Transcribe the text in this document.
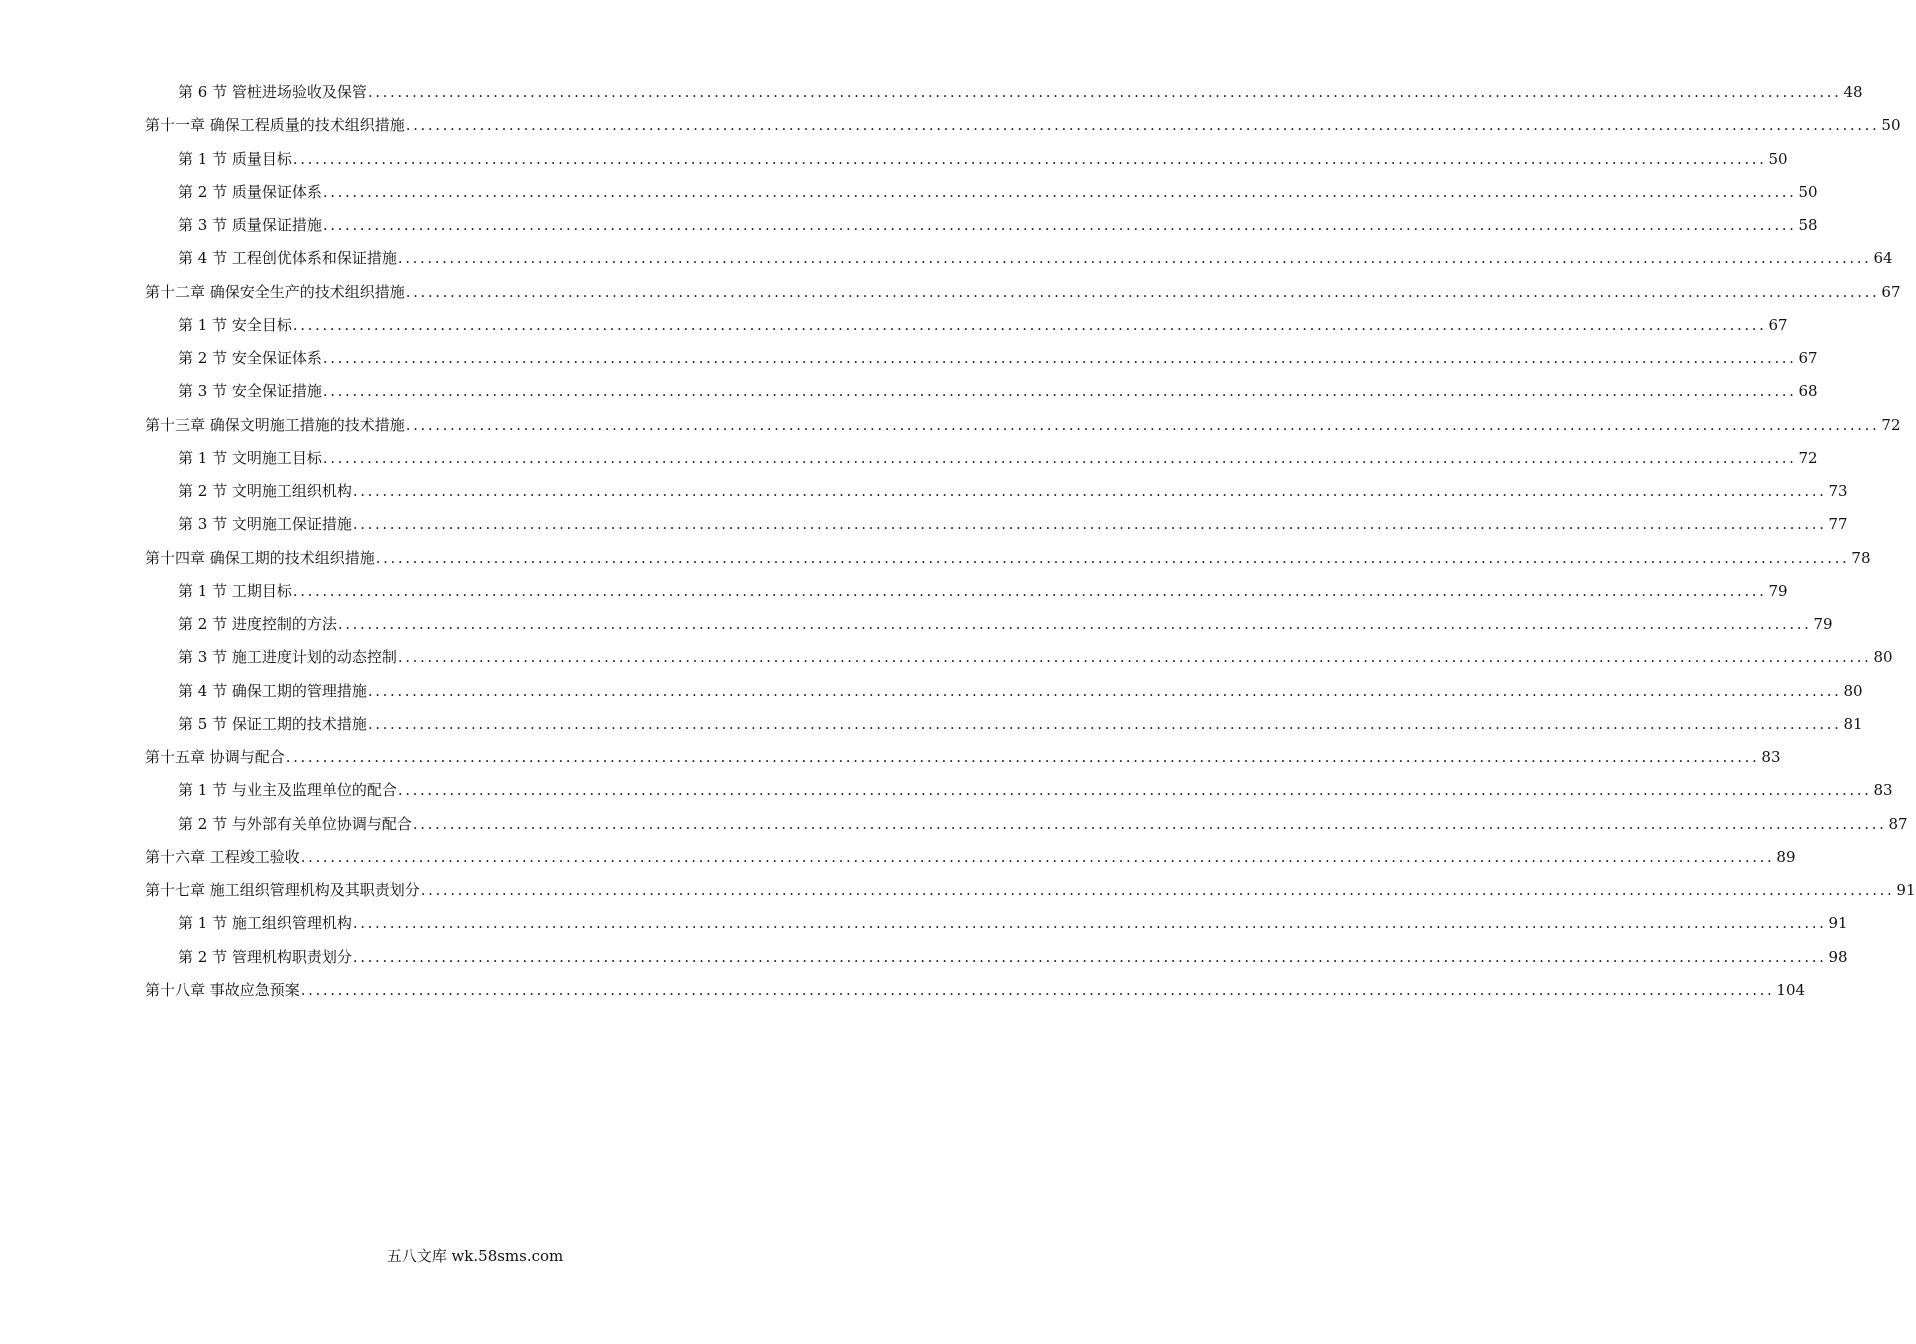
第 6 节 管桩进场验收及保管 ........................................................................................................................................................................................................ 48
第十一章 确保工程质量的技术组织措施 ........................................................................................................................................................................................................ 50
第 1 节 质量目标 ........................................................................................................................................................................................................ 50
第 2 节 质量保证体系 ........................................................................................................................................................................................................ 50
第 3 节 质量保证措施 ........................................................................................................................................................................................................ 58
第 4 节 工程创优体系和保证措施 ........................................................................................................................................................................................................ 64
第十二章 确保安全生产的技术组织措施 ........................................................................................................................................................................................................ 67
第 1 节 安全目标 ........................................................................................................................................................................................................ 67
第 2 节 安全保证体系 ........................................................................................................................................................................................................ 67
第 3 节 安全保证措施 ........................................................................................................................................................................................................ 68
第十三章 确保文明施工措施的技术措施 ........................................................................................................................................................................................................ 72
第 1 节 文明施工目标 ........................................................................................................................................................................................................ 72
第 2 节 文明施工组织机构 ........................................................................................................................................................................................................ 73
第 3 节 文明施工保证措施 ........................................................................................................................................................................................................ 77
第十四章 确保工期的技术组织措施 ........................................................................................................................................................................................................ 78
第 1 节 工期目标 ........................................................................................................................................................................................................ 79
第 2 节 进度控制的方法 ........................................................................................................................................................................................................ 79
第 3 节 施工进度计划的动态控制 ........................................................................................................................................................................................................ 80
第 4 节 确保工期的管理措施 ........................................................................................................................................................................................................ 80
第 5 节 保证工期的技术措施 ........................................................................................................................................................................................................ 81
第十五章 协调与配合 ........................................................................................................................................................................................................ 83
第 1 节 与业主及监理单位的配合 ........................................................................................................................................................................................................ 83
第 2 节 与外部有关单位协调与配合 ........................................................................................................................................................................................................ 87
第十六章 工程竣工验收 ........................................................................................................................................................................................................ 89
第十七章 施工组织管理机构及其职责划分 ........................................................................................................................................................................................................ 91
第 1 节 施工组织管理机构 ........................................................................................................................................................................................................ 91
第 2 节 管理机构职责划分 ........................................................................................................................................................................................................ 98
第十八章 事故应急预案 ........................................................................................................................................................................................................ 104
五八文库 wk.58sms.com
